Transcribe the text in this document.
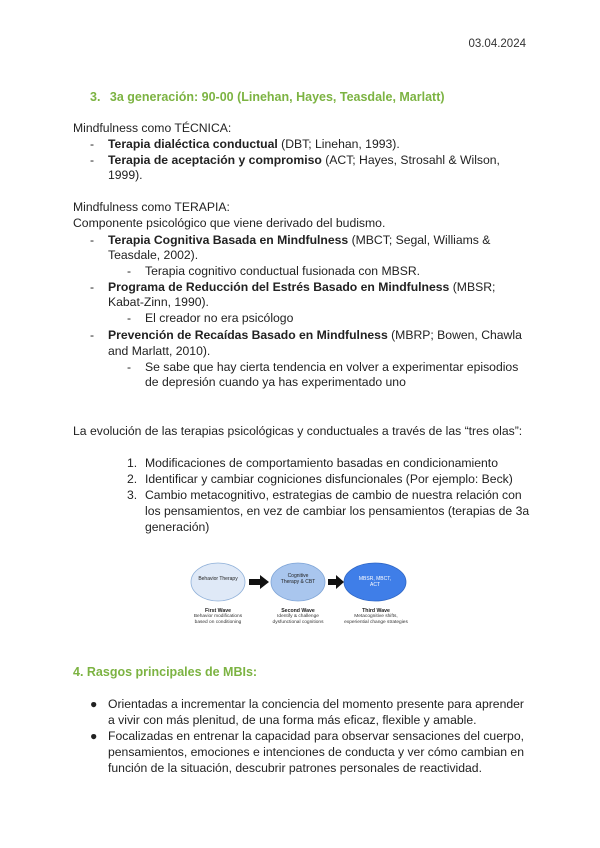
03.04.2024
3. 3a generación: 90-00 (Linehan, Hayes, Teasdale, Marlatt)
Mindfulness como TÉCNICA:
- Terapia dialéctica conductual (DBT; Linehan, 1993).
- Terapia de aceptación y compromiso (ACT; Hayes, Strosahl & Wilson,
1999).
Mindfulness como TERAPIA:
Componente psicológico que viene derivado del budismo.
- Terapia Cognitiva Basada en Mindfulness (MBCT; Segal, Williams &
Teasdale, 2002).
- Terapia cognitivo conductual fusionada con MBSR.
- Programa de Reducción del Estrés Basado en Mindfulness (MBSR;
Kabat-Zinn, 1990).
- El creador no era psicólogo
- Prevención de Recaídas Basado en Mindfulness (MBRP; Bowen, Chawla
and Marlatt, 2010).
- Se sabe que hay cierta tendencia en volver a experimentar episodios
de depresión cuando ya has experimentado uno
La evolución de las terapias psicológicas y conductuales a través de las “tres olas”:
1. Modificaciones de comportamiento basadas en condicionamiento
2. Identificar y cambiar cogniciones disfuncionales (Por ejemplo: Beck)
3. Cambio metacognitivo, estrategias de cambio de nuestra relación con
los pensamientos, en vez de cambiar los pensamientos (terapias de 3a
generación)
Behavior Therapy	Cognitive Therapy & CBT	MBSR, MBCT, ACT
First Wave
Behavior modifications
based on conditioning
Second Wave
Identify & challenge
dysfunctional cognitions
Third Wave
Metacognitive shifts,
experiential change strategies
4. Rasgos principales de MBIs:
● Orientadas a incrementar la conciencia del momento presente para aprender
a vivir con más plenitud, de una forma más eficaz, flexible y amable.
● Focalizadas en entrenar la capacidad para observar sensaciones del cuerpo,
pensamientos, emociones e intenciones de conducta y ver cómo cambian en
función de la situación, descubrir patrones personales de reactividad.
